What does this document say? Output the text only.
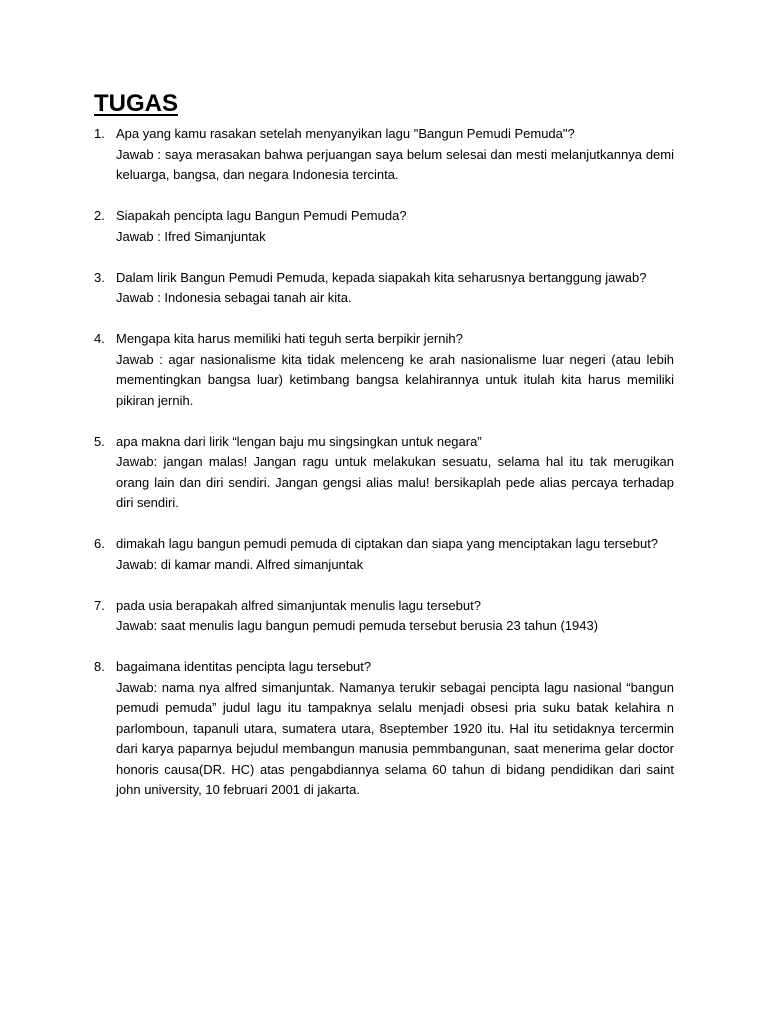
TUGAS
1. Apa yang kamu rasakan setelah menyanyikan lagu "Bangun Pemudi Pemuda"?
Jawab : saya merasakan bahwa perjuangan saya belum selesai dan mesti melanjutkannya demi keluarga, bangsa, dan negara Indonesia tercinta.
2. Siapakah pencipta lagu Bangun Pemudi Pemuda?
Jawab : Ifred Simanjuntak
3. Dalam lirik Bangun Pemudi Pemuda, kepada siapakah kita seharusnya bertanggung jawab?
Jawab : Indonesia sebagai tanah air kita.
4. Mengapa kita harus memiliki hati teguh serta berpikir jernih?
Jawab : agar nasionalisme kita tidak melenceng ke arah nasionalisme luar negeri (atau lebih mementingkan bangsa luar) ketimbang bangsa kelahirannya untuk itulah kita harus memiliki pikiran jernih.
5. apa makna dari lirik “lengan baju mu singsingkan untuk negara”
Jawab: jangan malas! Jangan ragu untuk melakukan sesuatu, selama hal itu tak merugikan orang lain dan diri sendiri. Jangan gengsi alias malu! bersikaplah pede alias percaya terhadap diri sendiri.
6. dimakah lagu bangun pemudi pemuda di ciptakan dan siapa yang menciptakan lagu tersebut?
Jawab: di kamar mandi. Alfred simanjuntak
7. pada usia berapakah alfred simanjuntak menulis lagu tersebut?
Jawab: saat menulis lagu bangun pemudi pemuda tersebut berusia 23 tahun (1943)
8. bagaimana identitas pencipta lagu tersebut?
Jawab: nama nya alfred simanjuntak. Namanya terukir sebagai pencipta lagu nasional “bangun pemudi pemuda” judul lagu itu tampaknya selalu menjadi obsesi pria suku batak kelahira n parlomboun, tapanuli utara, sumatera utara, 8september 1920 itu. Hal itu setidaknya tercermin dari karya paparnya bejudul membangun manusia pemmbangunan, saat menerima gelar doctor honoris causa(DR. HC) atas pengabdiannya selama 60 tahun di bidang pendidikan dari saint john university, 10 februari 2001 di jakarta.
